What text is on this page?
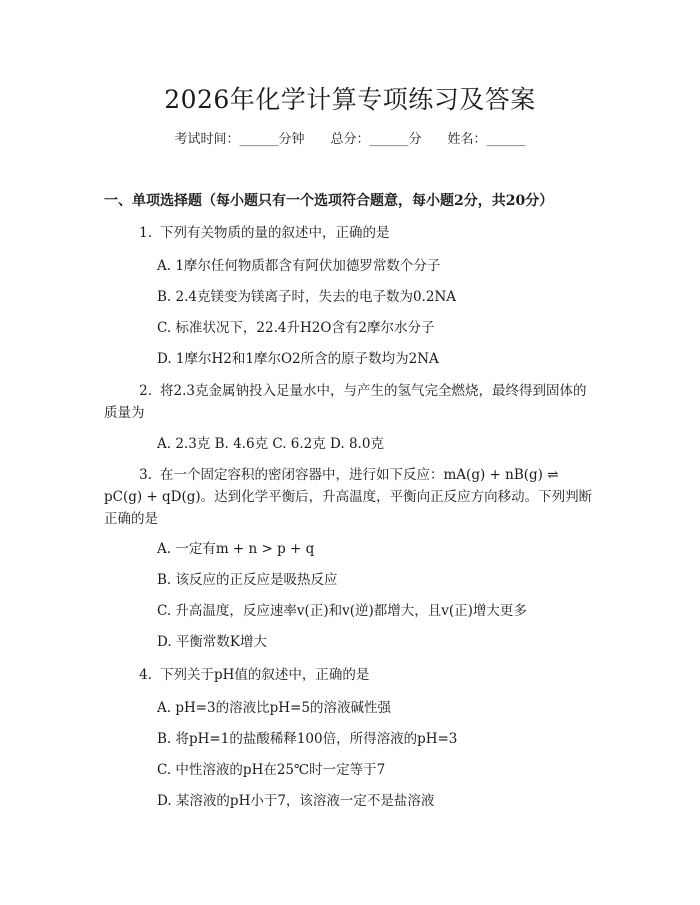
2026年化学计算专项练习及答案
考试时间：______分钟 总分：______分 姓名：______
一、单项选择题（每小题只有一个选项符合题意，每小题2分，共20分）
1. 下列有关物质的量的叙述中，正确的是
A. 1摩尔任何物质都含有阿伏加德罗常数个分子
B. 2.4克镁变为镁离子时，失去的电子数为0.2NA
C. 标准状况下，22.4升H2O含有2摩尔水分子
D. 1摩尔H2和1摩尔O2所含的原子数均为2NA
2. 将2.3克金属钠投入足量水中，与产生的氢气完全燃烧，最终得到固体的质量为
A. 2.3克 B. 4.6克 C. 6.2克 D. 8.0克
3. 在一个固定容积的密闭容器中，进行如下反应：mA(g) + nB(g) ⇌ pC(g) + qD(g)。达到化学平衡后，升高温度，平衡向正反应方向移动。下列判断正确的是
A. 一定有m + n > p + q
B. 该反应的正反应是吸热反应
C. 升高温度，反应速率v(正)和v(逆)都增大，且v(正)增大更多
D. 平衡常数K增大
4. 下列关于pH值的叙述中，正确的是
A. pH=3的溶液比pH=5的溶液碱性强
B. 将pH=1的盐酸稀释100倍，所得溶液的pH=3
C. 中性溶液的pH在25℃时一定等于7
D. 某溶液的pH小于7，该溶液一定不是盐溶液
